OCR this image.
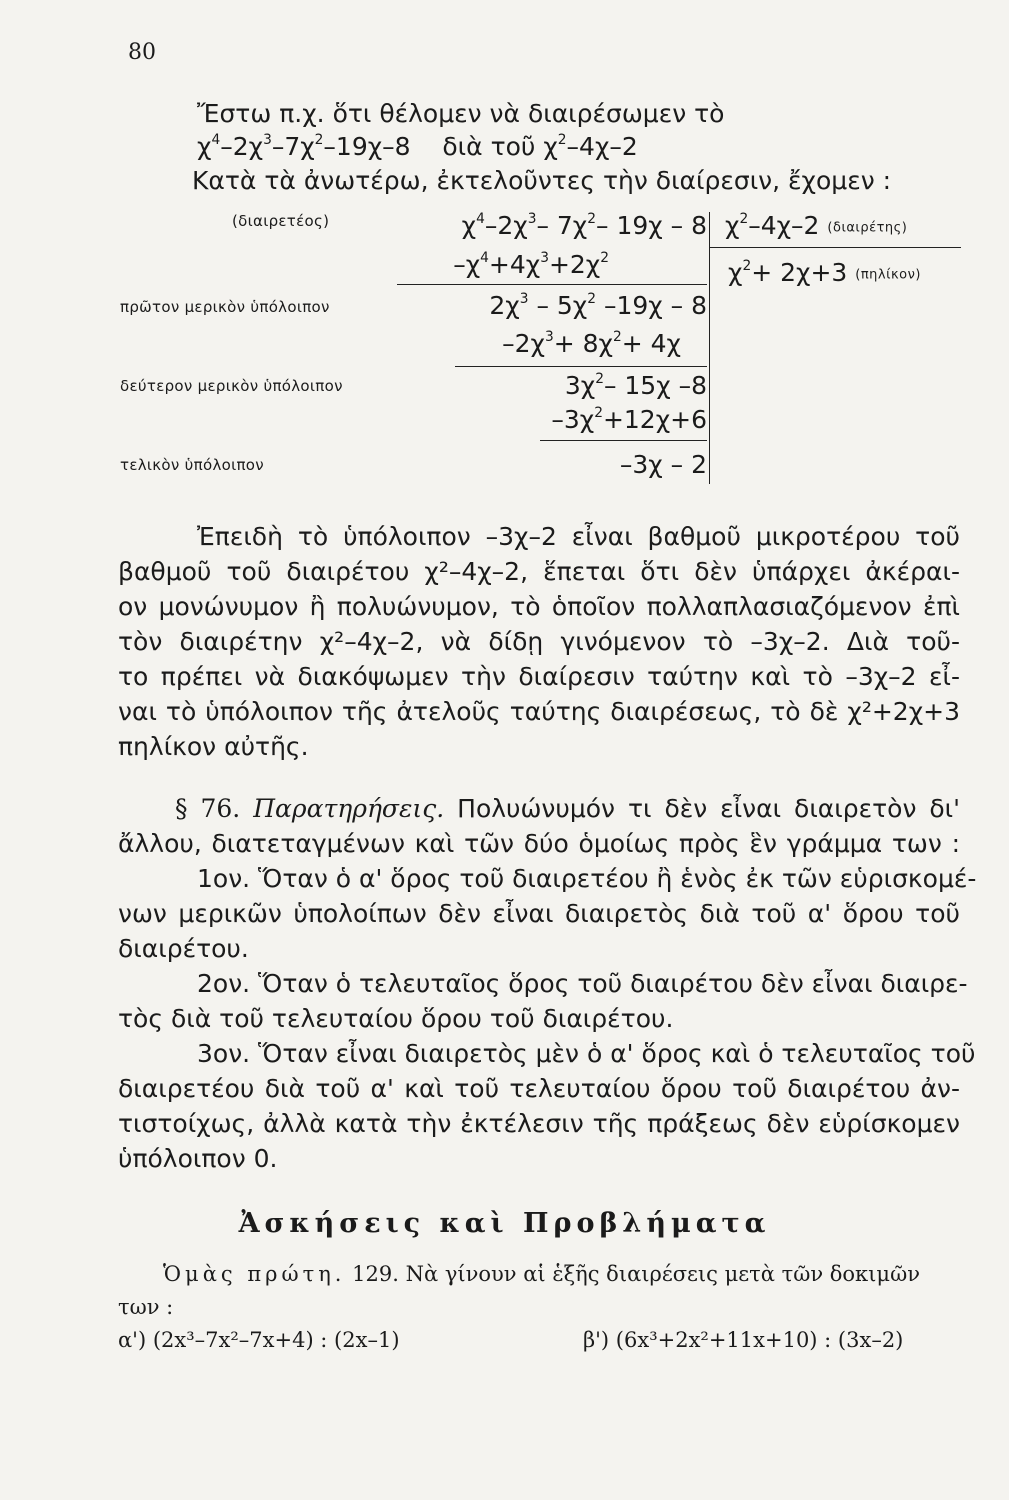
80
Ἔστω π.χ. ὅτι θέλομεν νὰ διαιρέσωμεν τὸ
$\chi^4-2\chi^3-7\chi^2-19\chi-8$ διὰ τοῦ $\chi^2-4\chi-2$
Κατὰ τὰ ἀνωτέρω, ἐκτελοῦντες τὴν διαίρεσιν, ἔχομεν :
(διαιρετέος)
πρῶτον μερικὸν ὑπόλοιπον
δεύτερον μερικὸν ὑπόλοιπον
τελικὸν ὑπόλοιπον
$\chi^4-2\chi^3-$ $7\chi^2-$ 19χ – 8
$-\chi^4+4\chi^3+2\chi^2$
$2\chi^3 - 5\chi^2$ –19χ – 8
$-2\chi^3+ 8\chi^2+ 4\chi$
$3\chi^2-$ 15χ –8
$-3\chi^2+12\chi+6$
–3χ – 2
$\chi^2-4\chi-2$ (διαιρέτης)
$\chi^2+ 2\chi+3$ (πηλίκον)
Ἐπειδὴ τὸ ὑπόλοιπον –3χ–2 εἶναι βαθμοῦ μικροτέρου τοῦ
βαθμοῦ τοῦ διαιρέτου χ²–4χ–2, ἕπεται ὅτι δὲν ὑπάρχει ἀκέραι-
ον μονώνυμον ἢ πολυώνυμον, τὸ ὁποῖον πολλαπλασιαζόμενον ἐπὶ
τὸν διαιρέτην χ²–4χ–2, νὰ δίδῃ γινόμενον τὸ –3χ–2. Διὰ τοῦ-
το πρέπει νὰ διακόψωμεν τὴν διαίρεσιν ταύτην καὶ τὸ –3χ–2 εἶ-
ναι τὸ ὑπόλοιπον τῆς ἀτελοῦς ταύτης διαιρέσεως, τὸ δὲ χ²+2χ+3
πηλίκον αὐτῆς.
§ 76. Παρατηρήσεις. Πολυώνυμόν τι δὲν εἶναι διαιρετὸν δι'
ἄλλου, διατεταγμένων καὶ τῶν δύο ὁμοίως πρὸς ἓν γράμμα των :
1ον. Ὅταν ὁ α' ὅρος τοῦ διαιρετέου ἢ ἑνὸς ἐκ τῶν εὑρισκομέ-
νων μερικῶν ὑπολοίπων δὲν εἶναι διαιρετὸς διὰ τοῦ α' ὅρου τοῦ
διαιρέτου.
2ον. Ὅταν ὁ τελευταῖος ὅρος τοῦ διαιρέτου δὲν εἶναι διαιρε-
τὸς διὰ τοῦ τελευταίου ὅρου τοῦ διαιρέτου.
3ον. Ὅταν εἶναι διαιρετὸς μὲν ὁ α' ὅρος καὶ ὁ τελευταῖος τοῦ
διαιρετέου διὰ τοῦ α' καὶ τοῦ τελευταίου ὅρου τοῦ διαιρέτου ἀν-
τιστοίχως, ἀλλὰ κατὰ τὴν ἐκτέλεσιν τῆς πράξεως δὲν εὑρίσκομεν
ὑπόλοιπον 0.
Ἀσκήσεις καὶ Προβλήματα
Ὁμὰς πρώτη. 129. Νὰ γίνουν αἱ ἑξῆς διαιρέσεις μετὰ τῶν δοκιμῶν
των :
α') (2x³–7x²–7x+4) : (2x–1)	β') (6x³+2x²+11x+10) : (3x–2)
